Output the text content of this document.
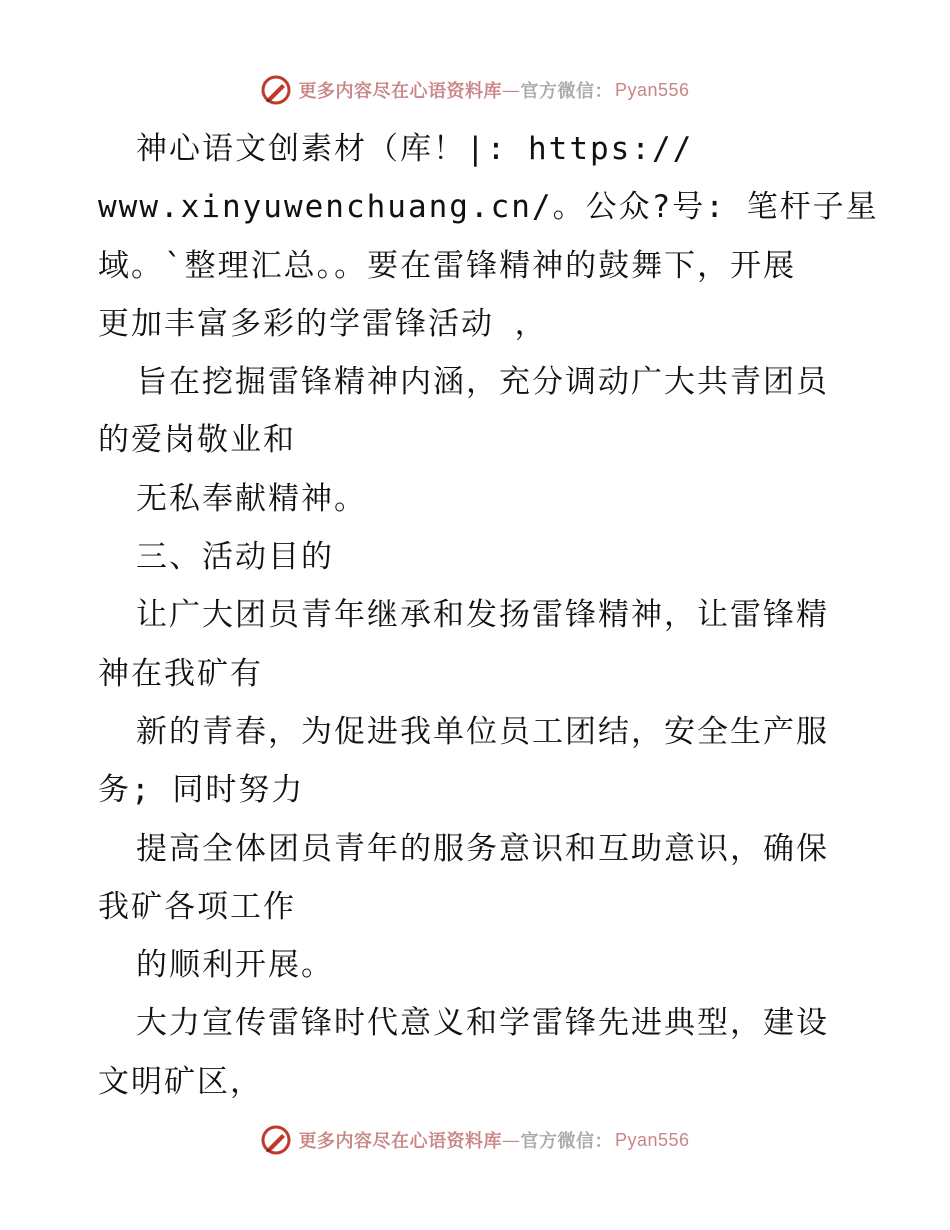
更多内容尽在心语资料库 — 官方微信： Pyan556
神心语文创素材（库！|: https://
www.xinyuwenchuang.cn/。公众?号: 笔杆子星
域。`整理汇总。。要在雷锋精神的鼓舞下，开展
更加丰富多彩的学雷锋活动 ，
旨在挖掘雷锋精神内涵，充分调动广大共青团员
的爱岗敬业和
无私奉献精神。
三、活动目的
让广大团员青年继承和发扬雷锋精神，让雷锋精
神在我矿有
新的青春，为促进我单位员工团结，安全生产服
务; 同时努力
提高全体团员青年的服务意识和互助意识，确保
我矿各项工作
的顺利开展。
大力宣传雷锋时代意义和学雷锋先进典型，建设
文明矿区，
更多内容尽在心语资料库 — 官方微信： Pyan556
